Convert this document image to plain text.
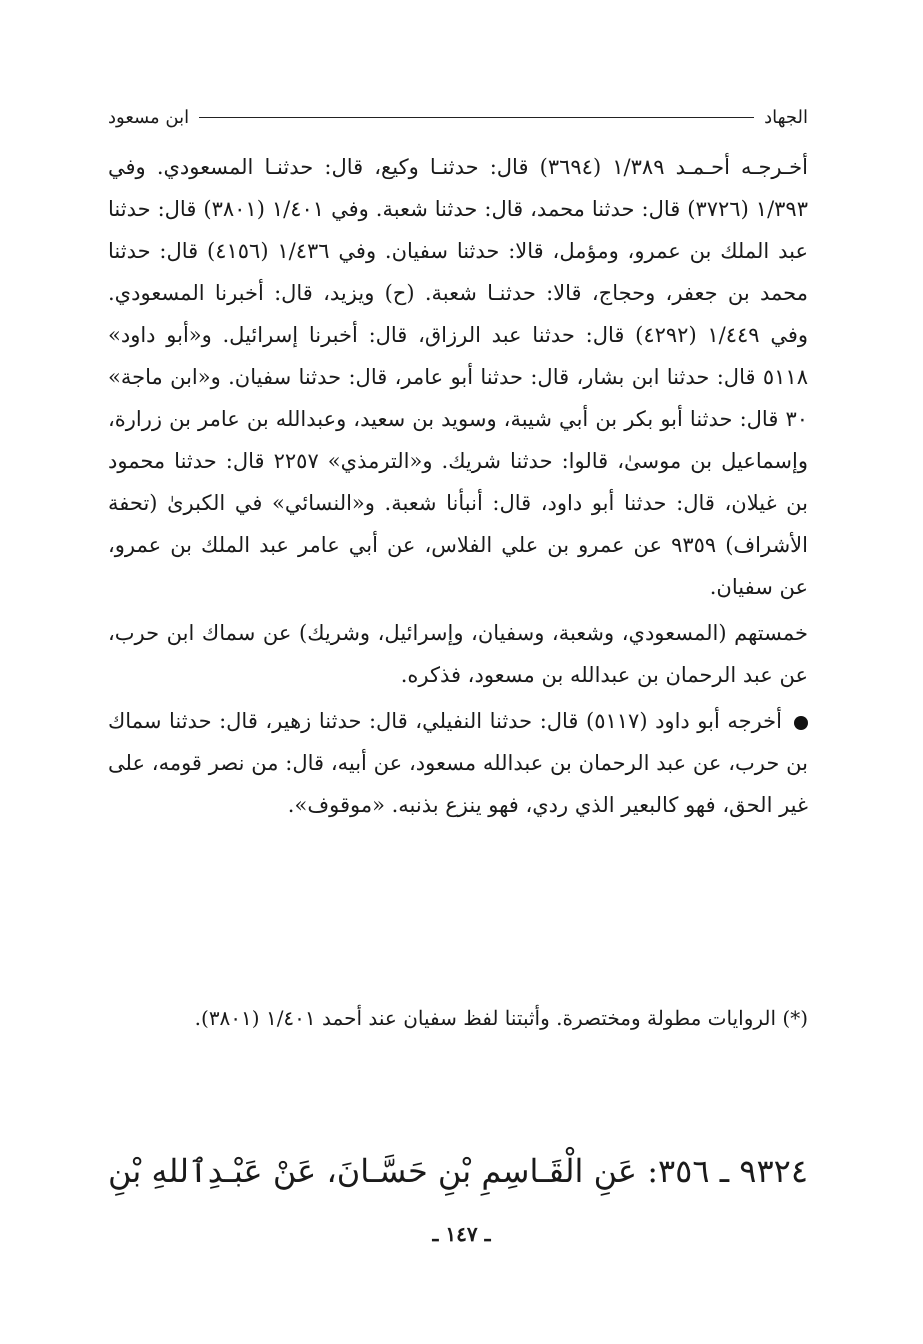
الجهاد
ابن مسعود

أخـرجـه أحـمـد ١/٣٨٩ (٣٦٩٤) قال: حدثنـا وكيع، قال: حدثنـا المسعودي. وفي ١/٣٩٣ (٣٧٢٦) قال: حدثنا محمد، قال: حدثنا شعبة. وفي ١/٤٠١ (٣٨٠١) قال: حدثنا عبد الملك بن عمرو، ومؤمل، قالا: حدثنا سفيان. وفي ١/٤٣٦ (٤١٥٦) قال: حدثنا محمد بن جعفر، وحجاج، قالا: حدثنـا شعبة. (ح) ويزيد، قال: أخبرنا المسعودي. وفي ١/٤٤٩ (٤٢٩٢) قال: حدثنا عبد الرزاق، قال: أخبرنا إسرائيل. و«أبو داود» ٥١١٨ قال: حدثنا ابن بشار، قال: حدثنا أبو عامر، قال: حدثنا سفيان. و«ابن ماجة» ٣٠ قال: حدثنا أبو بكر بن أبي شيبة، وسويد بن سعيد، وعبدالله بن عامر بن زرارة، وإسماعيل بن موسىٰ، قالوا: حدثنا شريك. و«الترمذي» ٢٢٥٧ قال: حدثنا محمود بن غيلان، قال: حدثنا أبو داود، قال: أنبأنا شعبة. و«النسائي» في الكبرىٰ (تحفة الأشراف) ٩٣٥٩ عن عمرو بن علي الفلاس، عن أبي عامر عبد الملك بن عمرو، عن سفيان.

خمستهم (المسعودي، وشعبة، وسفيان، وإسرائيل، وشريك) عن سماك ابن حرب، عن عبد الرحمان بن عبدالله بن مسعود، فذكره.

أخرجه أبو داود (٥١١٧) قال: حدثنا النفيلي، قال: حدثنا زهير، قال: حدثنا سماك بن حرب، عن عبد الرحمان بن عبدالله مسعود، عن أبيه، قال: من نصر قومه، على غير الحق، فهو كالبعير الذي ردي، فهو ينزع بذنبه. «موقوف».

(*) الروايات مطولة ومختصرة. وأثبتنا لفظ سفيان عند أحمد ١/٤٠١ (٣٨٠١).

٩٣٢٤ ـ ٣٥٦: عَنِ الْقَـاسِمِ بْنِ حَسَّـانَ، عَنْ عَبْـدِٱللهِ بْنِ
ـ ١٤٧ ـ
